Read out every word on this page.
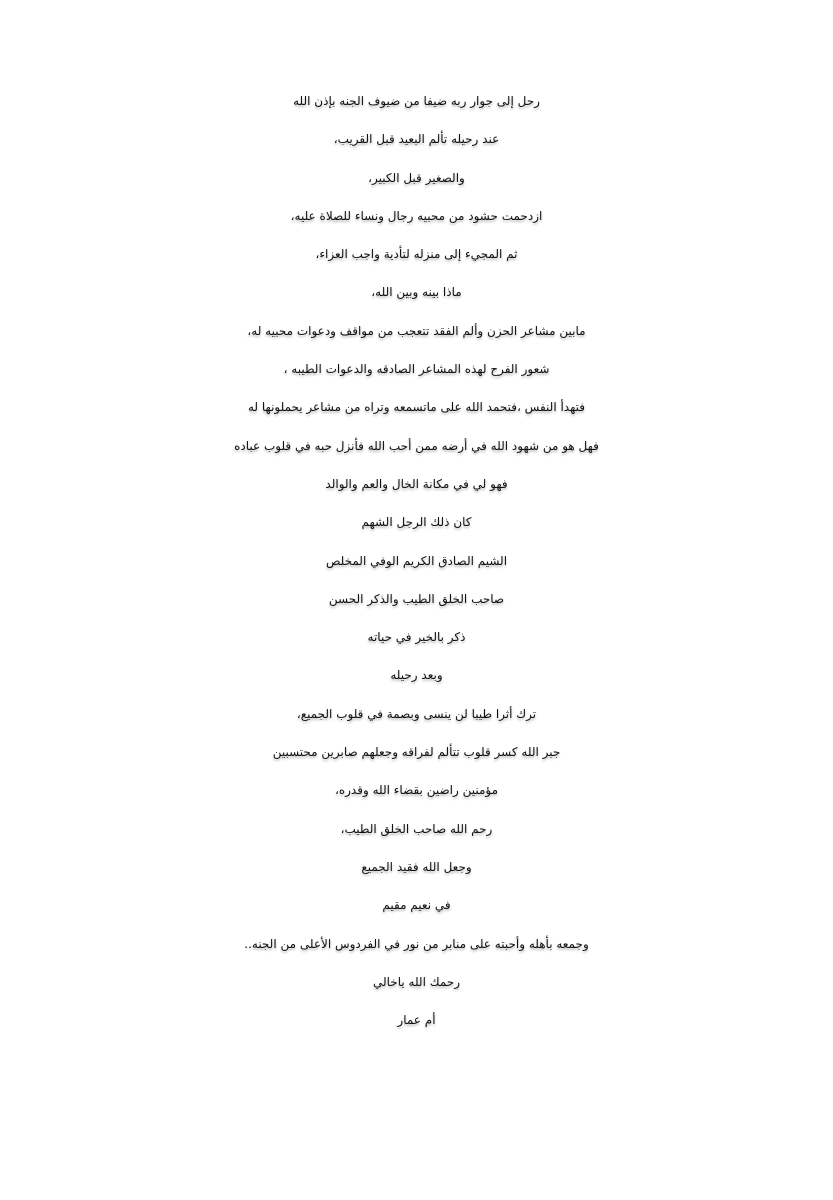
رحل إلى جوار ربه ضيفا من ضيوف الجنه بإذن الله
عند رحيله تألم البعيد قبل القريب،
والصغير قبل الكبير،
ازدحمت حشود من محبيه رجال ونساء للصلاة عليه،
ثم المجيء إلى منزله لتأدية واجب العزاء،
ماذا بينه وبين الله،
مابين مشاعر الحزن وألم الفقد تتعجب من مواقف ودعوات محبيه له،
شعور الفرح لهذه المشاعر الصادقه والدعوات الطيبه ،
فتهدأ النفس ،فتحمد الله على ماتسمعه وتراه من مشاعر يحملونها له
فهل هو من شهود الله في أرضه ممن أحب الله فأنزل حبه في قلوب عباده
فهو لي في مكانة الخال والعم والوالد
كان ذلك الرجل الشهم
الشيم الصادق الكريم الوفي المخلص
صاحب الخلق الطيب والذكر الحسن
ذكر بالخير في حياته
وبعد رحيله
ترك أثرا طيبا لن ينسى وبصمة في قلوب الجميع،
جبر الله كسر قلوب تتألم لفراقه وجعلهم صابرين محتسبين
مؤمنين راضين بقضاء الله وقدره،
رحم الله صاحب الخلق الطيب،
وجعل الله فقيد الجميع
في نعيم مقيم
وجمعه بأهله وأحبته على منابر من نور في الفردوس الأعلى من الجنه..
رحمك الله ياخالي
أم عمار
